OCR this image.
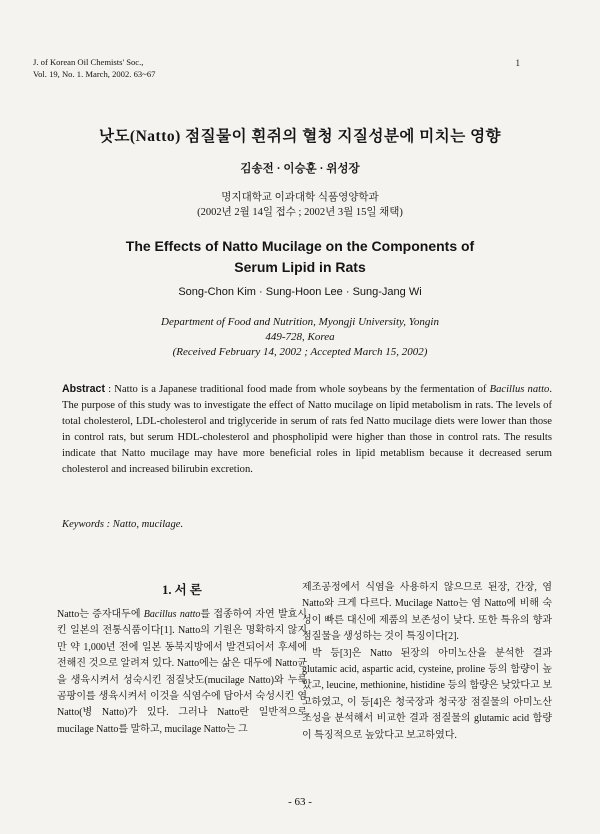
J. of Korean Oil Chemists' Soc.,
Vol. 19, No. 1. March, 2002. 63~67
1
낫도(Natto) 점질물이 흰쥐의 혈청 지질성분에 미치는 영향
김송전 · 이승훈 · 위성장
명지대학교 이과대학 식품영양학과
(2002년 2월 14일 접수 ; 2002년 3월 15일 채택)
The Effects of Natto Mucilage on the Components of
Serum Lipid in Rats
Song-Chon Kim · Sung-Hoon Lee · Sung-Jang Wi
Department of Food and Nutrition, Myongji University, Yongin
449-728, Korea
(Received February 14, 2002 ; Accepted March 15, 2002)
Abstract : Natto is a Japanese traditional food made from whole soybeans by the fermentation of Bacillus natto. The purpose of this study was to investigate the effect of Natto mucilage on lipid metabolism in rats. The levels of total cholesterol, LDL-cholesterol and triglyceride in serum of rats fed Natto mucilage diets were lower than those in control rats, but serum HDL-cholesterol and phospholipid were higher than those in control rats. The results indicate that Natto mucilage may have more beneficial roles in lipid metablism because it decreased serum cholesterol and increased bilirubin excretion.
Keywords : Natto, mucilage.
1. 서 론

Natto는 증자대두에 Bacillus natto를 접종하여 자연 발효시킨 일본의 전통식품이다[1]. Natto의 기원은 명확하지 않지만 약 1,000년 전에 일본 동북지방에서 발견되어서 후세에 전해진 것으로 알려져 있다. Natto에는 삶은 대두에 Natto균을 생육시켜서 성숙시킨 점질낫도(mucilage Natto)와 누룩곰팡이를 생육시켜서 이것을 식염수에 담아서 숙성시킨 염 Natto(병 Natto)가 있다. 그러나 Natto란 일반적으로 mucilage Natto를 말하고, mucilage Natto는 그

제조공정에서 식염을 사용하지 않으므로 된장, 간장, 염 Natto와 크게 다르다. Mucilage Natto는 염 Natto에 비해 숙성이 빠른 대신에 제품의 보존성이 낮다. 또한 특유의 향과 점질물을 생성하는 것이 특징이다[2].

박 등[3]은 Natto 된장의 아미노산을 분석한 결과 glutamic acid, aspartic acid, cysteine, proline 등의 함량이 높았고, leucine, methionine, histidine 등의 함량은 낮았다고 보고하였고, 이 등[4]은 청국장과 청국장 점질물의 아미노산 조성을 분석해서 비교한 결과 점질물의 glutamic acid 함량이 특징적으로 높았다고 보고하였다.

- 63 -
